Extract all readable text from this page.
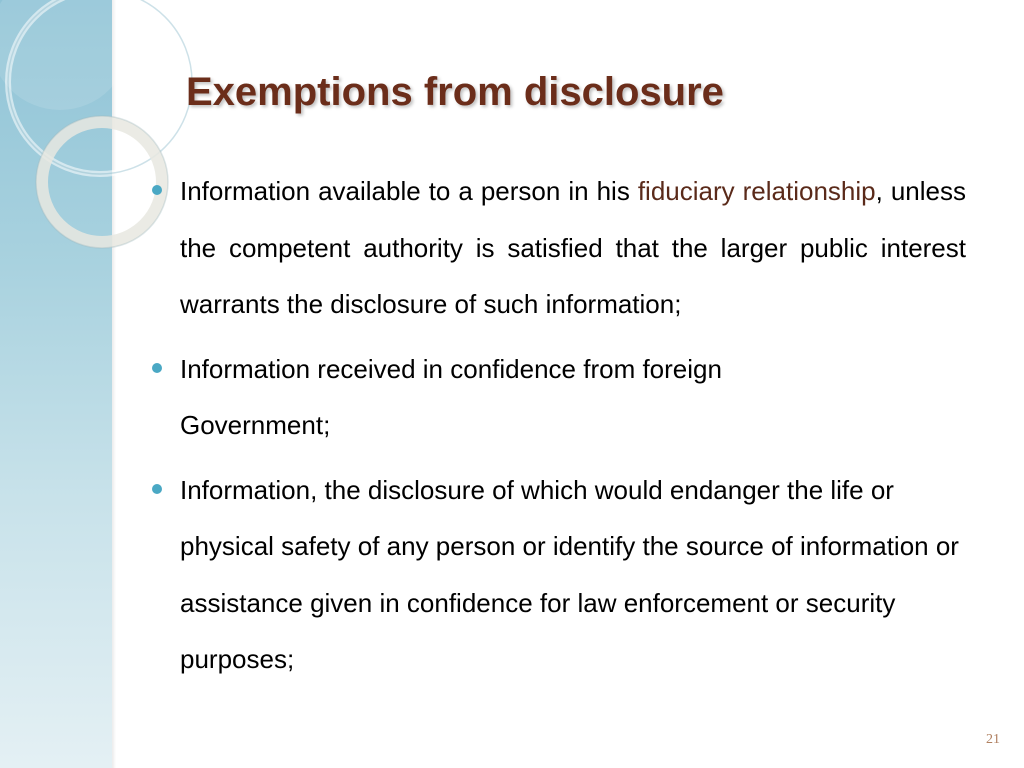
Exemptions from disclosure
Information available to a person in his fiduciary relationship, unless the competent authority is satisfied that the larger public interest warrants the disclosure of such information;
Information received in confidence from foreign Government;
Information, the disclosure of which would endanger the life or physical safety of any person or identify the source of information or assistance given in confidence for law enforcement or security purposes;
21
